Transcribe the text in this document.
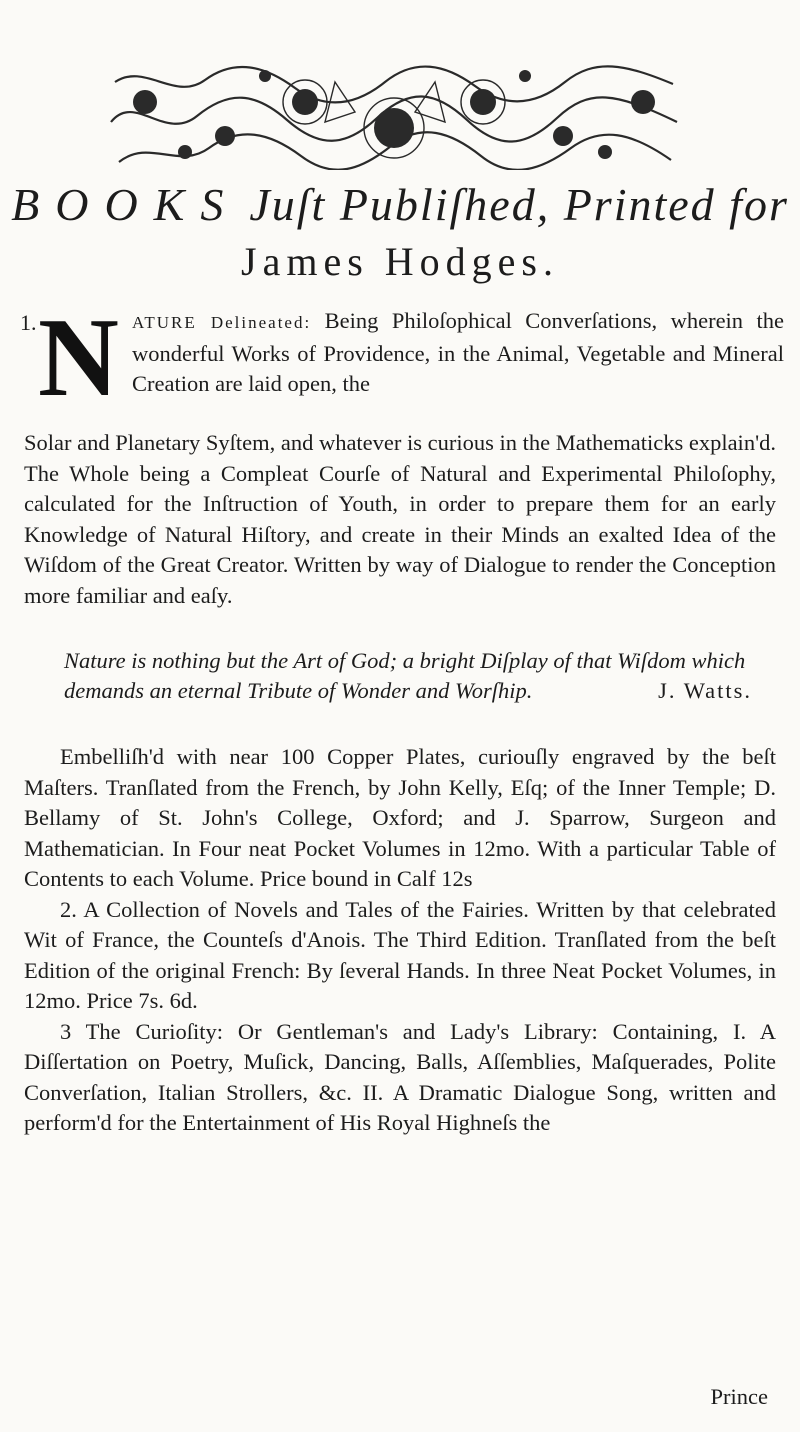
BOOKS Juſt Publiſhed, Printed for
James Hodges.
1. N ATURE Delineated: Being Philoſophical Converſations, wherein the wonderful Works of Providence, in the Animal, Vegetable and Mineral Creation are laid open, the

Solar and Planetary Syſtem, and whatever is curious in the Mathematicks explain'd. The Whole being a Compleat Courſe of Natural and Experimental Philoſophy, calculated for the Inſtruction of Youth, in order to prepare them for an early Knowledge of Natural Hiſtory, and create in their Minds an exalted Idea of the Wiſdom of the Great Creator. Written by way of Dialogue to render the Conception more familiar and eaſy.

Nature is nothing but the Art of God; a bright Diſplay of that Wiſdom which demands an eternal Tribute of Wonder and Worſhip.	J. Watts.

Embelliſh'd with near 100 Copper Plates, curiouſly engraved by the beſt Maſters. Tranſlated from the French, by John Kelly, Eſq; of the Inner Temple; D. Bellamy of St. John's College, Oxford; and J. Sparrow, Surgeon and Mathematician. In Four neat Pocket Volumes in 12mo. With a particular Table of Contents to each Volume. Price bound in Calf 12s

2. A Collection of Novels and Tales of the Fairies. Written by that celebrated Wit of France, the Counteſs d'Anois. The Third Edition. Tranſlated from the beſt Edition of the original French: By ſeveral Hands. In three Neat Pocket Volumes, in 12mo. Price 7s. 6d.

3 The Curioſity: Or Gentleman's and Lady's Library: Containing, I. A Diſſertation on Poetry, Muſick, Dancing, Balls, Aſſemblies, Maſquerades, Polite Converſation, Italian Strollers, &c. II. A Dramatic Dialogue Song, written and perform'd for the Entertainment of His Royal Highneſs the

Prince
